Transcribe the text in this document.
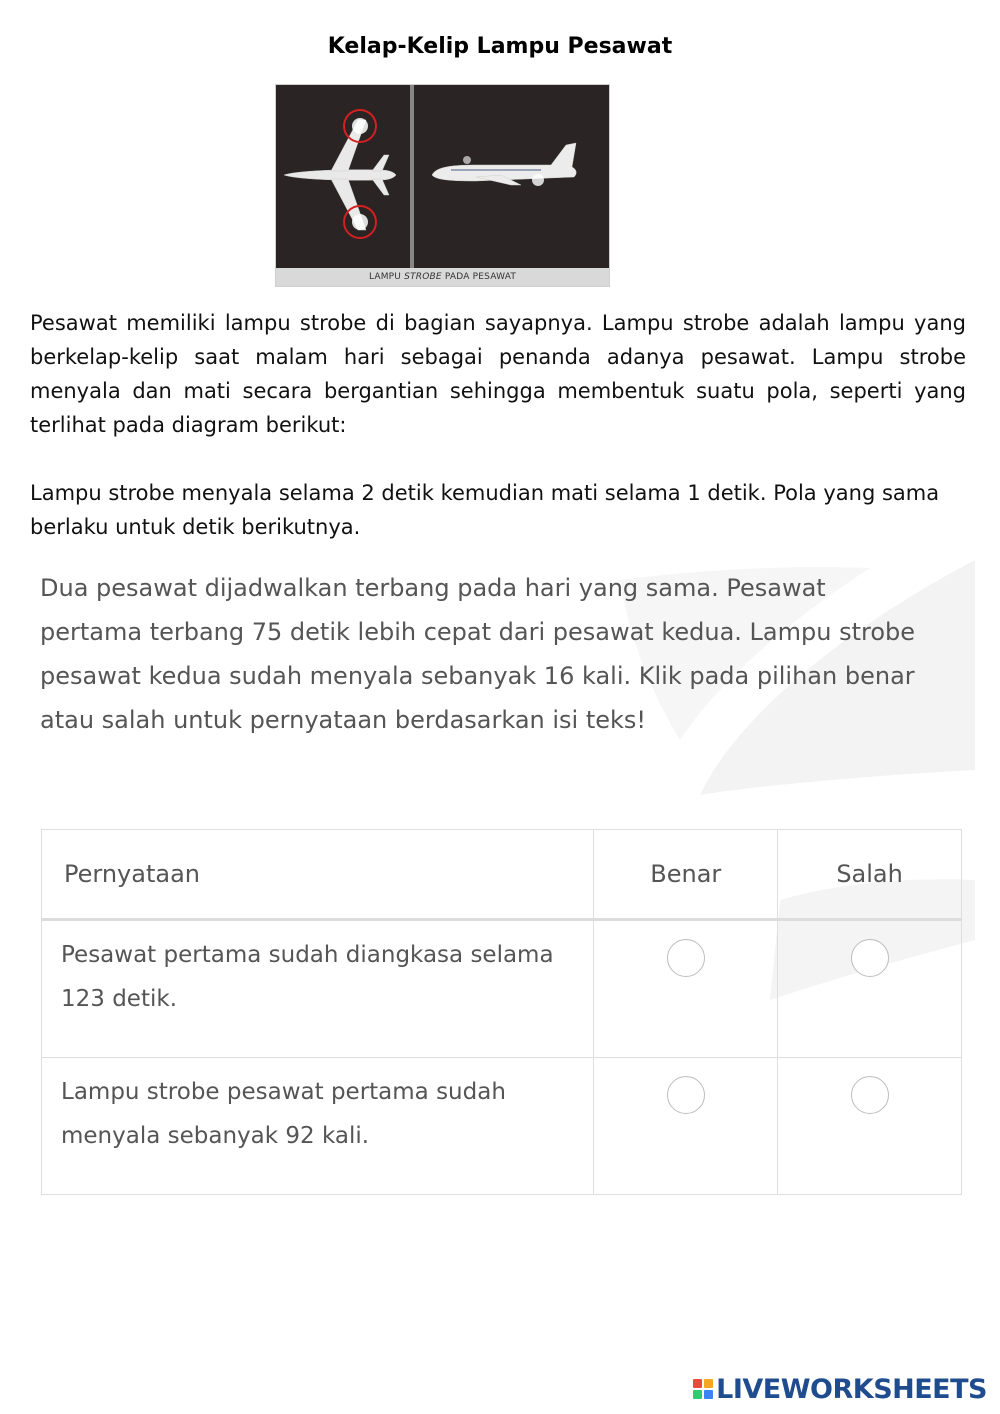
Kelap-Kelip Lampu Pesawat
LAMPU STROBE PADA PESAWAT

Pesawat memiliki lampu strobe di bagian sayapnya. Lampu strobe adalah lampu yang berkelap-kelip saat malam hari sebagai penanda adanya pesawat. Lampu strobe menyala dan mati secara bergantian sehingga membentuk suatu pola, seperti yang terlihat pada diagram berikut:

Lampu strobe menyala selama 2 detik kemudian mati selama 1 detik. Pola yang sama berlaku untuk detik berikutnya.

Dua pesawat dijadwalkan terbang pada hari yang sama. Pesawat pertama terbang 75 detik lebih cepat dari pesawat kedua. Lampu strobe pesawat kedua sudah menyala sebanyak 16 kali. Klik pada pilihan benar atau salah untuk pernyataan berdasarkan isi teks!

Pernyataan	Benar	Salah
Pesawat pertama sudah diangkasa selama 123 detik.		
Lampu strobe pesawat pertama sudah menyala sebanyak 92 kali.		
LIVEWORKSHEETS
